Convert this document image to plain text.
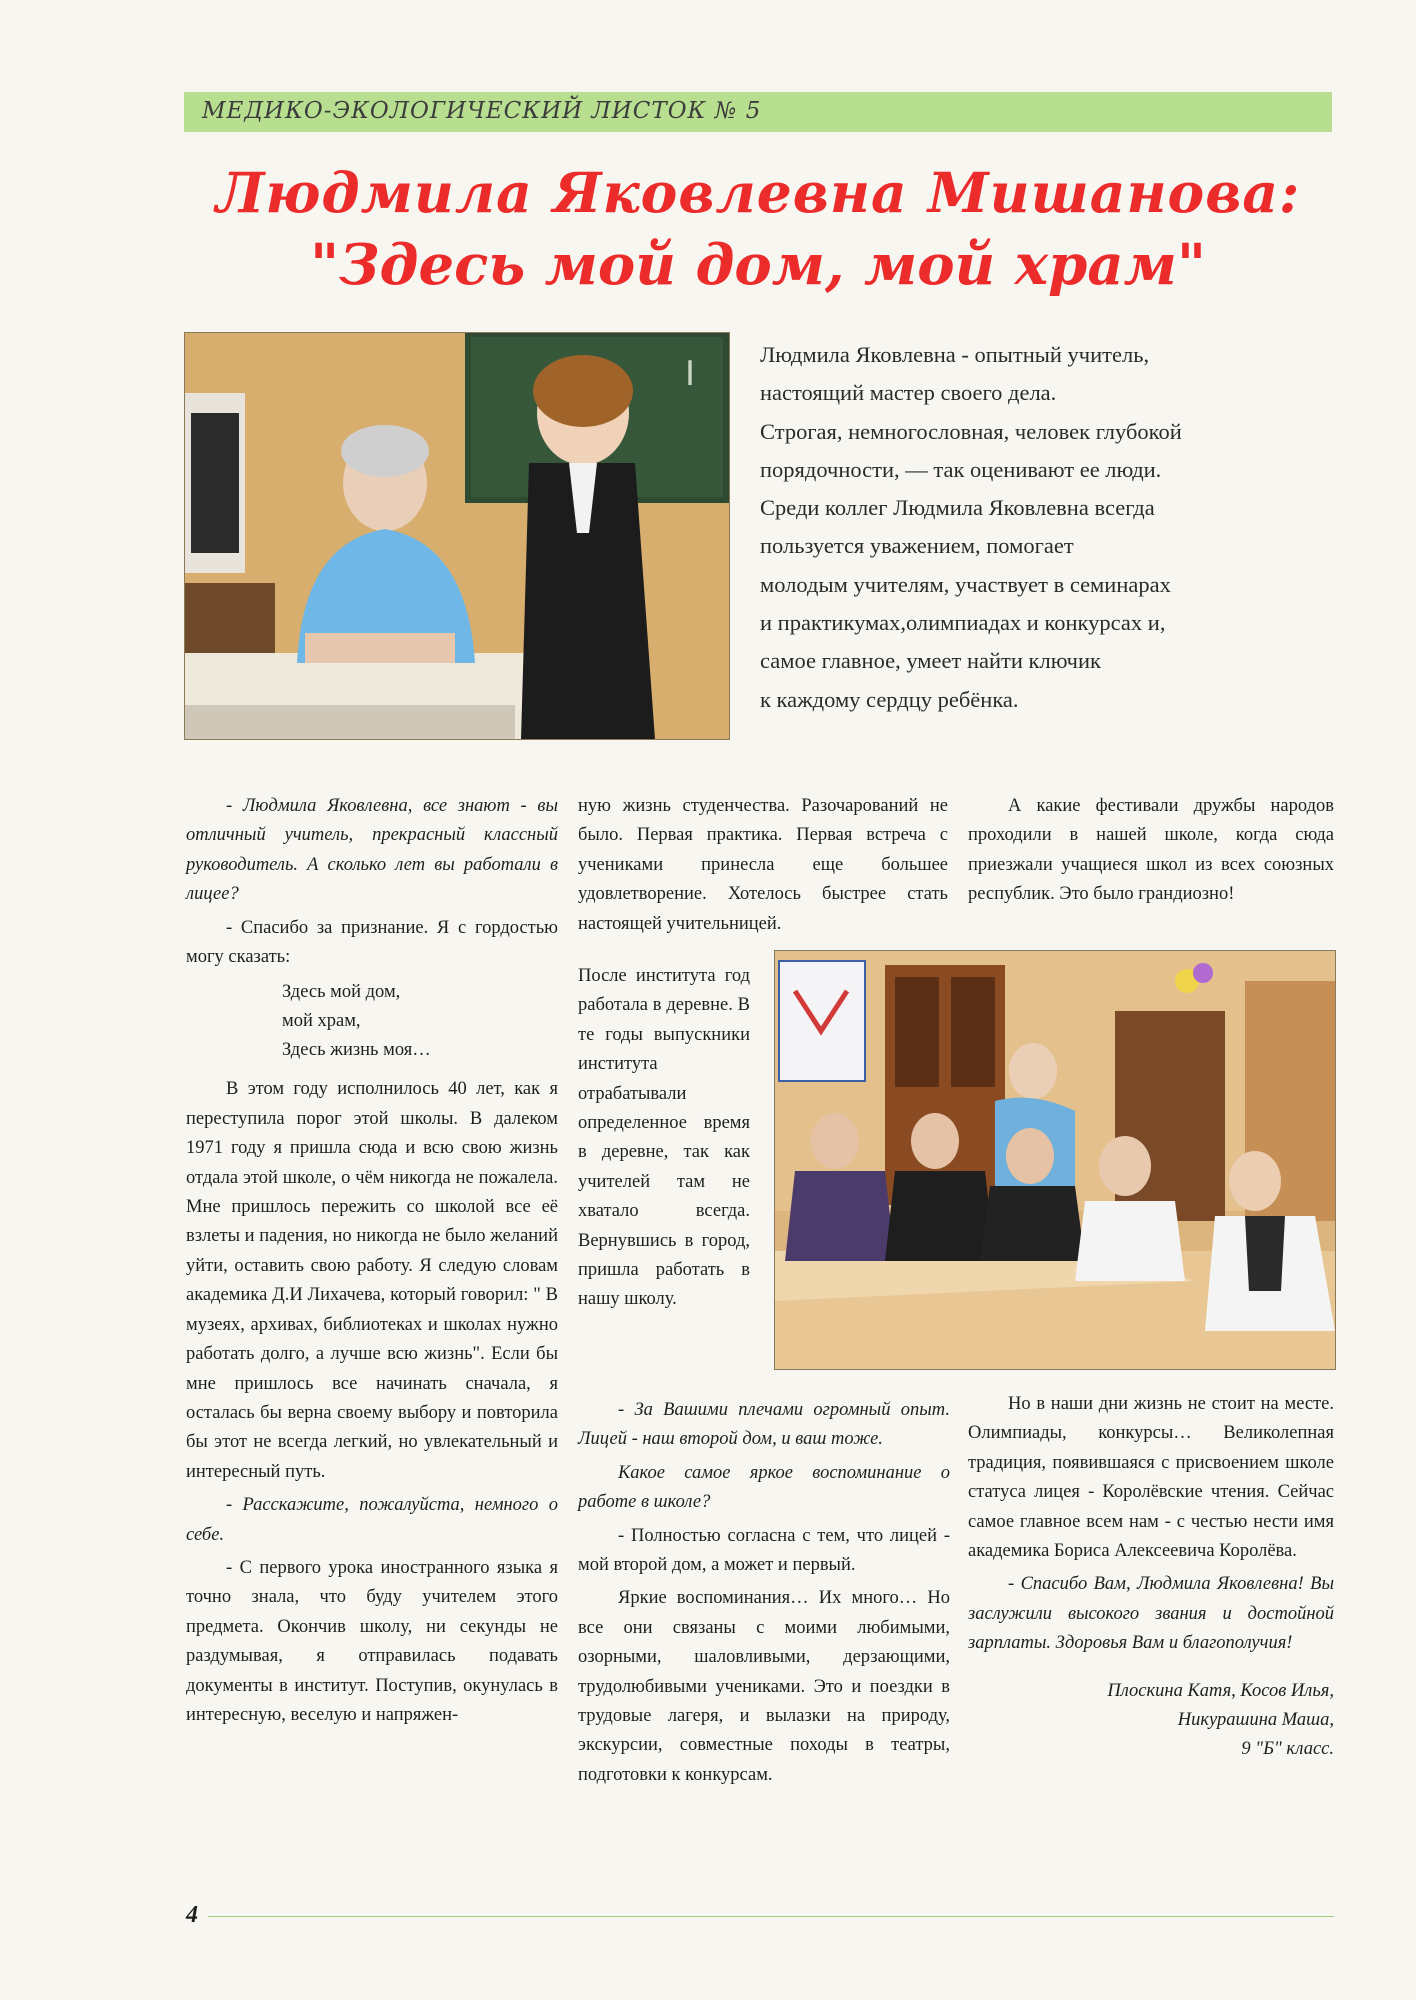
МЕДИКО-ЭКОЛОГИЧЕСКИЙ ЛИСТОК № 5
Людмила Яковлевна Мишанова:
"Здесь мой дом, мой храм"
I	Людмила Яковлевна - опытный учитель,

настоящий мастер своего дела.

Строгая, немногословная, человек глубокой

порядочности, — так оценивают ее люди.

Среди коллег Людмила Яковлевна всегда

пользуется уважением, помогает

молодым учителям, участвует в семинарах

и практикумах,олимпиадах и конкурсах и,

самое главное, умеет найти ключик

к каждому сердцу ребёнка.

- Людмила Яковлевна, все знают - вы отличный учитель, прекрасный классный руководитель. А сколько лет вы работали в лицее?

- Спасибо за признание. Я с гордостью могу сказать:

Здесь мой дом,
мой храм,
Здесь жизнь моя…

В этом году исполнилось 40 лет, как я переступила порог этой школы. В далеком 1971 году я пришла сюда и всю свою жизнь отдала этой школе, о чём никогда не пожалела. Мне пришлось пережить со школой все её взлеты и падения, но никогда не было желаний уйти, оставить свою работу. Я следую словам академика Д.И Лихачева, который говорил: " В музеях, архивах, библиотеках и школах нужно работать долго, а лучше всю жизнь". Если бы мне пришлось все начинать сначала, я осталась бы верна своему выбору и повторила бы этот не всегда легкий, но увлекательный и интересный путь.

- Расскажите, пожалуйста, немного о себе.

- С первого урока иностранного языка я точно знала, что буду учителем этого предмета. Окончив школу, ни секунды не раздумывая, я отправилась подавать документы в институт. Поступив, окунулась в интересную, веселую и напряжен-

ную жизнь студенчества. Разочарований не было. Первая практика. Первая встреча с учениками принесла еще большее удовлетворение. Хотелось быстрее стать настоящей учительницей.

После института год работала в деревне. В те годы выпускники института отрабатывали определенное время в деревне, так как учителей там не хватало всегда. Вернувшись в город, пришла работать в нашу школу.

- За Вашими плечами огромный опыт. Лицей - наш второй дом, и ваш тоже.

Какое самое яркое воспоминание о работе в школе?

- Полностью согласна с тем, что лицей - мой второй дом, а может и первый.

Яркие воспоминания… Их много… Но все они связаны с моими любимыми, озорными, шаловливыми, дерзающими, трудолюбивыми учениками. Это и поездки в трудовые лагеря, и вылазки на природу, экскурсии, совместные походы в театры, подготовки к конкурсам.

А какие фестивали дружбы народов проходили в нашей школе, когда сюда приезжали учащиеся школ из всех союзных республик. Это было грандиозно!

Но в наши дни жизнь не стоит на месте. Олимпиады, конкурсы… Великолепная традиция, появившаяся с присвоением школе статуса лицея - Королёвские чтения. Сейчас самое главное всем нам - с честью нести имя академика Бориса Алексеевича Королёва.

- Спасибо Вам, Людмила Яковлевна! Вы заслужили высокого звания и достойной зарплаты. Здоровья Вам и благополучия!

Плоскина Катя, Косов Илья,
Никурашина Маша,
9 "Б" класс.
4
